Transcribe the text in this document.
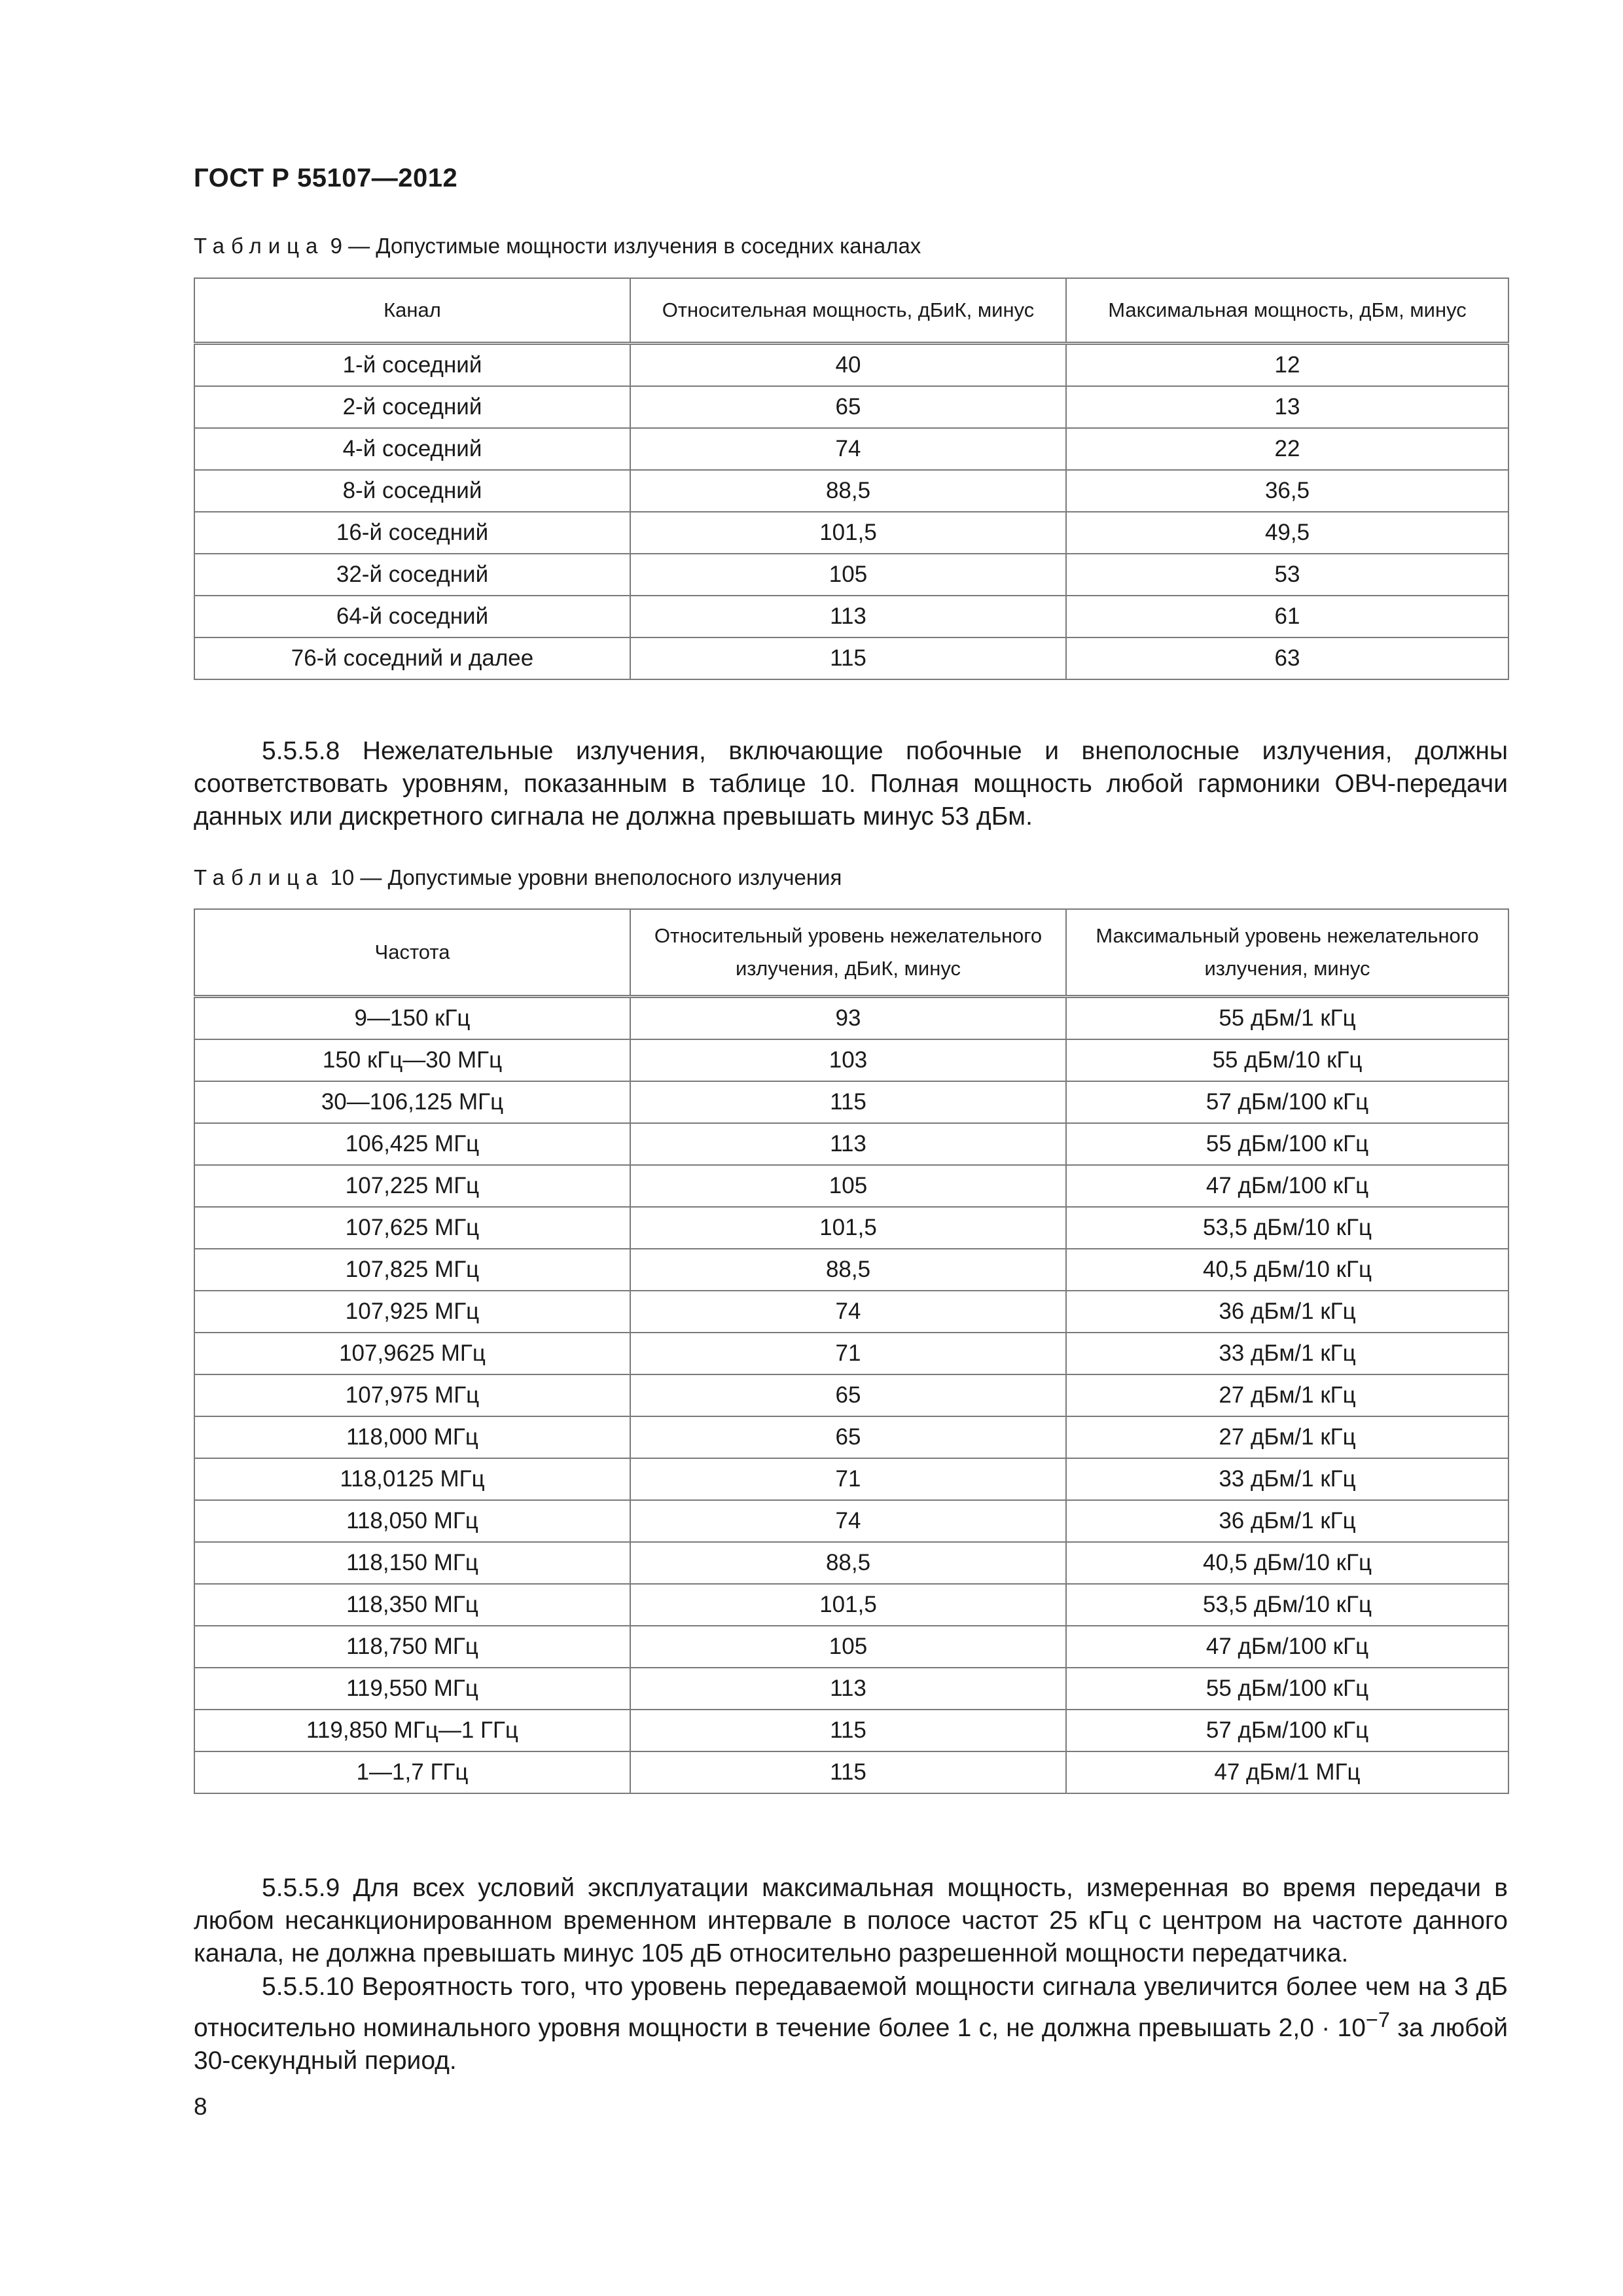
ГОСТ Р 55107—2012
Таблица 9 — Допустимые мощности излучения в соседних каналах
Канал	Относительная мощность, дБиК, минус	Максимальная мощность, дБм, минус
1-й соседний	40	12
2-й соседний	65	13
4-й соседний	74	22
8-й соседний	88,5	36,5
16-й соседний	101,5	49,5
32-й соседний	105	53
64-й соседний	113	61
76-й соседний и далее	115	63

5.5.5.8 Нежелательные излучения, включающие побочные и внеполосные излучения, должны соответствовать уровням, показанным в таблице 10. Полная мощность любой гармоники ОВЧ-передачи данных или дискретного сигнала не должна превышать минус 53 дБм.

Таблица 10 — Допустимые уровни внеполосного излучения
Частота	Относительный уровень нежелательного излучения, дБиК, минус	Максимальный уровень нежелательного излучения, минус
9—150 кГц	93	55 дБм/1 кГц
150 кГц—30 МГц	103	55 дБм/10 кГц
30—106,125 МГц	115	57 дБм/100 кГц
106,425 МГц	113	55 дБм/100 кГц
107,225 МГц	105	47 дБм/100 кГц
107,625 МГц	101,5	53,5 дБм/10 кГц
107,825 МГц	88,5	40,5 дБм/10 кГц
107,925 МГц	74	36 дБм/1 кГц
107,9625 МГц	71	33 дБм/1 кГц
107,975 МГц	65	27 дБм/1 кГц
118,000 МГц	65	27 дБм/1 кГц
118,0125 МГц	71	33 дБм/1 кГц
118,050 МГц	74	36 дБм/1 кГц
118,150 МГц	88,5	40,5 дБм/10 кГц
118,350 МГц	101,5	53,5 дБм/10 кГц
118,750 МГц	105	47 дБм/100 кГц
119,550 МГц	113	55 дБм/100 кГц
119,850 МГц—1 ГГц	115	57 дБм/100 кГц
1—1,7 ГГц	115	47 дБм/1 МГц

5.5.5.9 Для всех условий эксплуатации максимальная мощность, измеренная во время передачи в любом несанкционированном временном интервале в полосе частот 25 кГц с центром на частоте данного канала, не должна превышать минус 105 дБ относительно разрешенной мощности передатчика.

5.5.5.10 Вероятность того, что уровень передаваемой мощности сигнала увеличится более чем на 3 дБ относительно номинального уровня мощности в течение более 1 с, не должна превышать $2,0 \cdot 10^{-7}$ за любой 30-секундный период.

8
